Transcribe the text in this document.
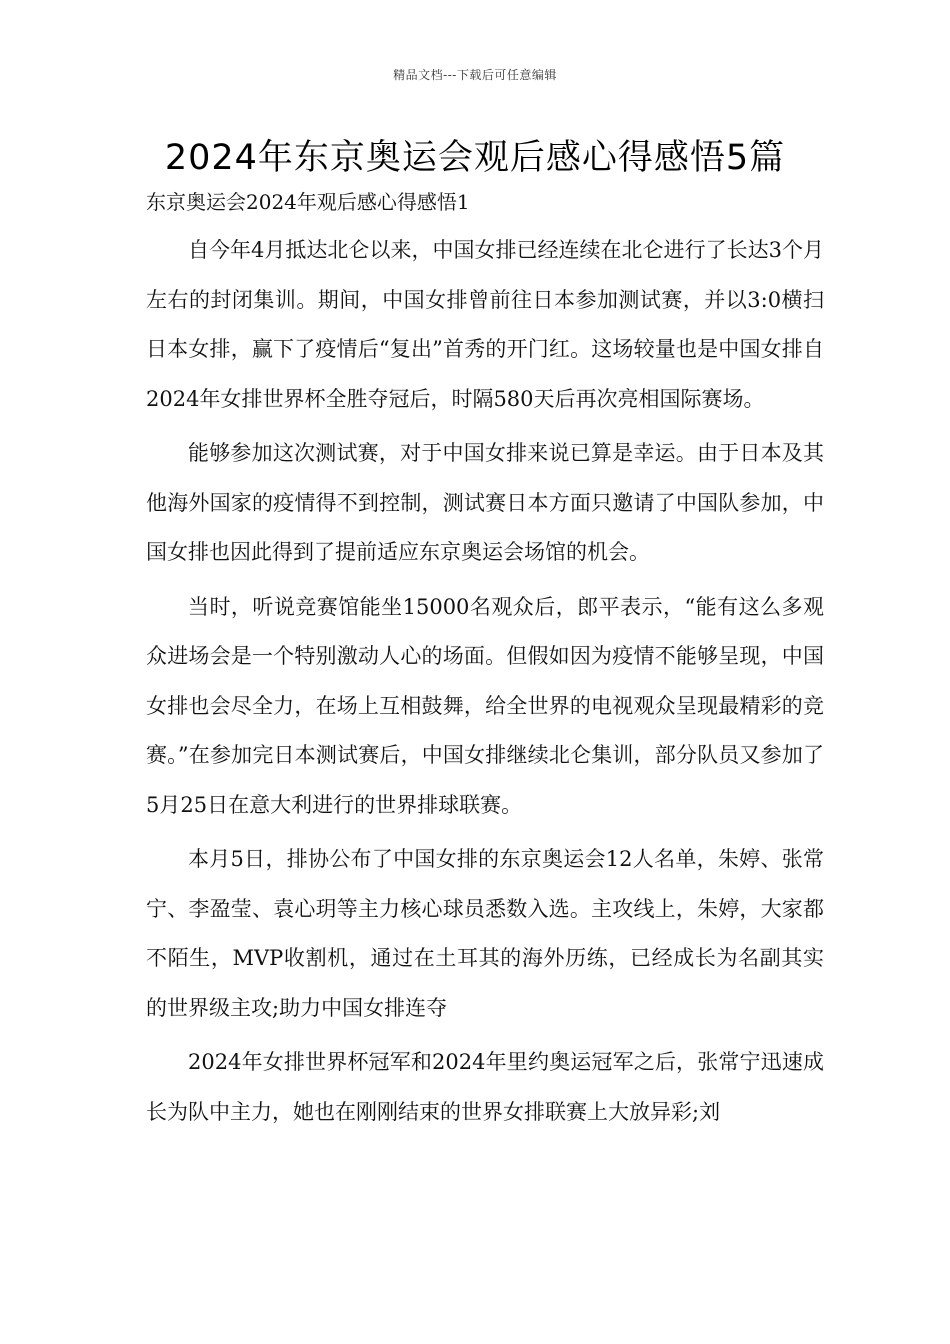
精品文档---下载后可任意编辑
2024年东京奥运会观后感心得感悟5篇
东京奥运会2024年观后感心得感悟1

自今年4月抵达北仑以来，中国女排已经连续在北仑进行了长达3个月左右的封闭集训。期间，中国女排曾前往日本参加测试赛，并以3:0横扫日本女排，赢下了疫情后“复出”首秀的开门红。这场较量也是中国女排自2024年女排世界杯全胜夺冠后，时隔580天后再次亮相国际赛场。

能够参加这次测试赛，对于中国女排来说已算是幸运。由于日本及其他海外国家的疫情得不到控制，测试赛日本方面只邀请了中国队参加，中国女排也因此得到了提前适应东京奥运会场馆的机会。

当时，听说竞赛馆能坐15000名观众后，郎平表示，“能有这么多观众进场会是一个特别激动人心的场面。但假如因为疫情不能够呈现，中国女排也会尽全力，在场上互相鼓舞，给全世界的电视观众呈现最精彩的竞赛。”在参加完日本测试赛后，中国女排继续北仑集训，部分队员又参加了5月25日在意大利进行的世界排球联赛。

本月5日，排协公布了中国女排的东京奥运会12人名单，朱婷、张常宁、李盈莹、袁心玥等主力核心球员悉数入选。主攻线上，朱婷，大家都不陌生，MVP收割机，通过在土耳其的海外历练，已经成长为名副其实的世界级主攻;助力中国女排连夺

2024年女排世界杯冠军和2024年里约奥运冠军之后，张常宁迅速成长为队中主力，她也在刚刚结束的世界女排联赛上大放异彩;刘
